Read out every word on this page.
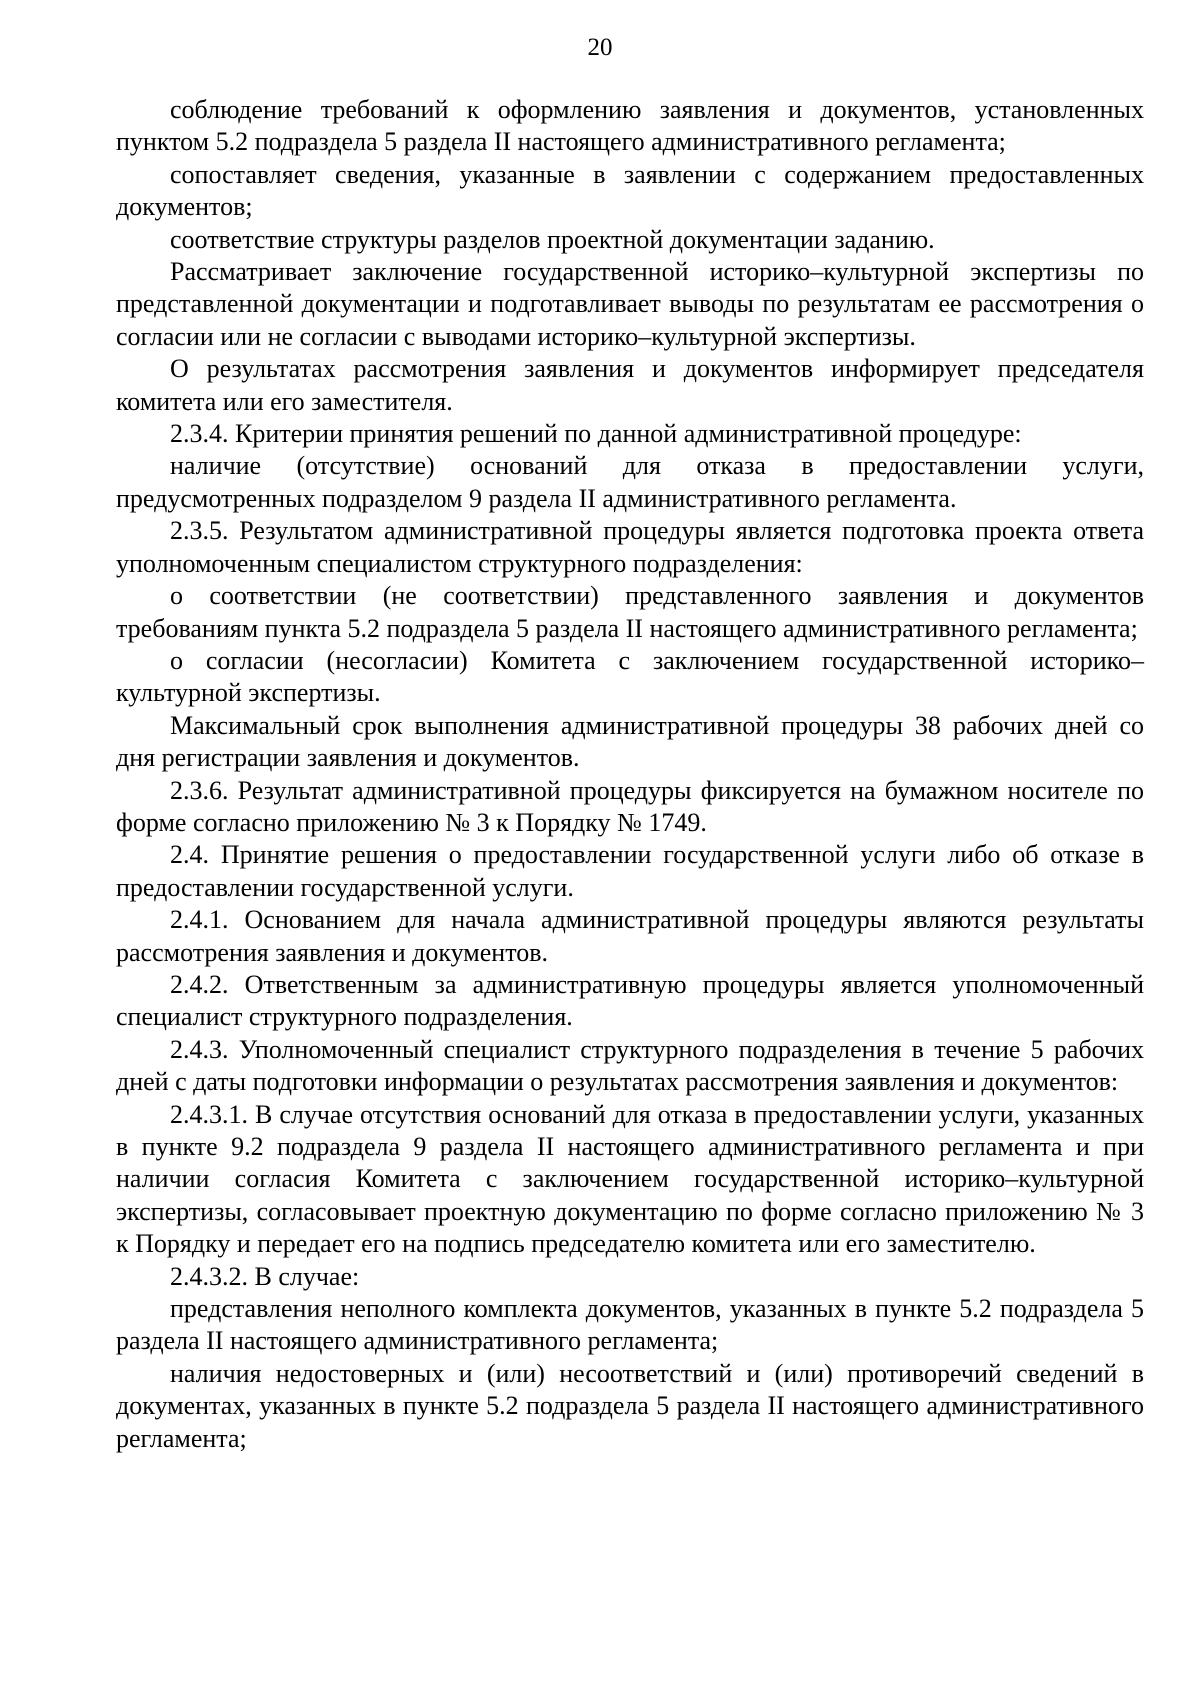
20

соблюдение требований к оформлению заявления и документов, установленных пунктом 5.2 подраздела 5 раздела II настоящего административного регламента;

сопоставляет сведения, указанные в заявлении с содержанием предоставленных документов;

соответствие структуры разделов проектной документации заданию.

Рассматривает заключение государственной историко–культурной экспертизы по представленной документации и подготавливает выводы по результатам ее рассмотрения о согласии или не согласии с выводами историко–культурной экспертизы.

О результатах рассмотрения заявления и документов информирует председателя комитета или его заместителя.

2.3.4. Критерии принятия решений по данной административной процедуре:

наличие (отсутствие) оснований для отказа в предоставлении услуги, предусмотренных подразделом 9 раздела II административного регламента.

2.3.5. Результатом административной процедуры является подготовка проекта ответа уполномоченным специалистом структурного подразделения:

о соответствии (не соответствии) представленного заявления и документов требованиям пункта 5.2 подраздела 5 раздела II настоящего административного регламента;

о согласии (несогласии) Комитета с заключением государственной историко–культурной экспертизы.

Максимальный срок выполнения административной процедуры 38 рабочих дней со дня регистрации заявления и документов.

2.3.6. Результат административной процедуры фиксируется на бумажном носителе по форме согласно приложению № 3 к Порядку № 1749.

2.4. Принятие решения о предоставлении государственной услуги либо об отказе в предоставлении государственной услуги.

2.4.1. Основанием для начала административной процедуры являются результаты рассмотрения заявления и документов.

2.4.2. Ответственным за административную процедуры является уполномоченный специалист структурного подразделения.

2.4.3. Уполномоченный специалист структурного подразделения в течение 5 рабочих дней с даты подготовки информации о результатах рассмотрения заявления и документов:

2.4.3.1. В случае отсутствия оснований для отказа в предоставлении услуги, указанных в пункте 9.2 подраздела 9 раздела II настоящего административного регламента и при наличии согласия Комитета с заключением государственной историко–культурной экспертизы, согласовывает проектную документацию по форме согласно приложению № 3 к Порядку и передает его на подпись председателю комитета или его заместителю.

2.4.3.2. В случае:

представления неполного комплекта документов, указанных в пункте 5.2 подраздела 5 раздела II настоящего административного регламента;

наличия недостоверных и (или) несоответствий и (или) противоречий сведений в документах, указанных в пункте 5.2 подраздела 5 раздела II настоящего административного регламента;
